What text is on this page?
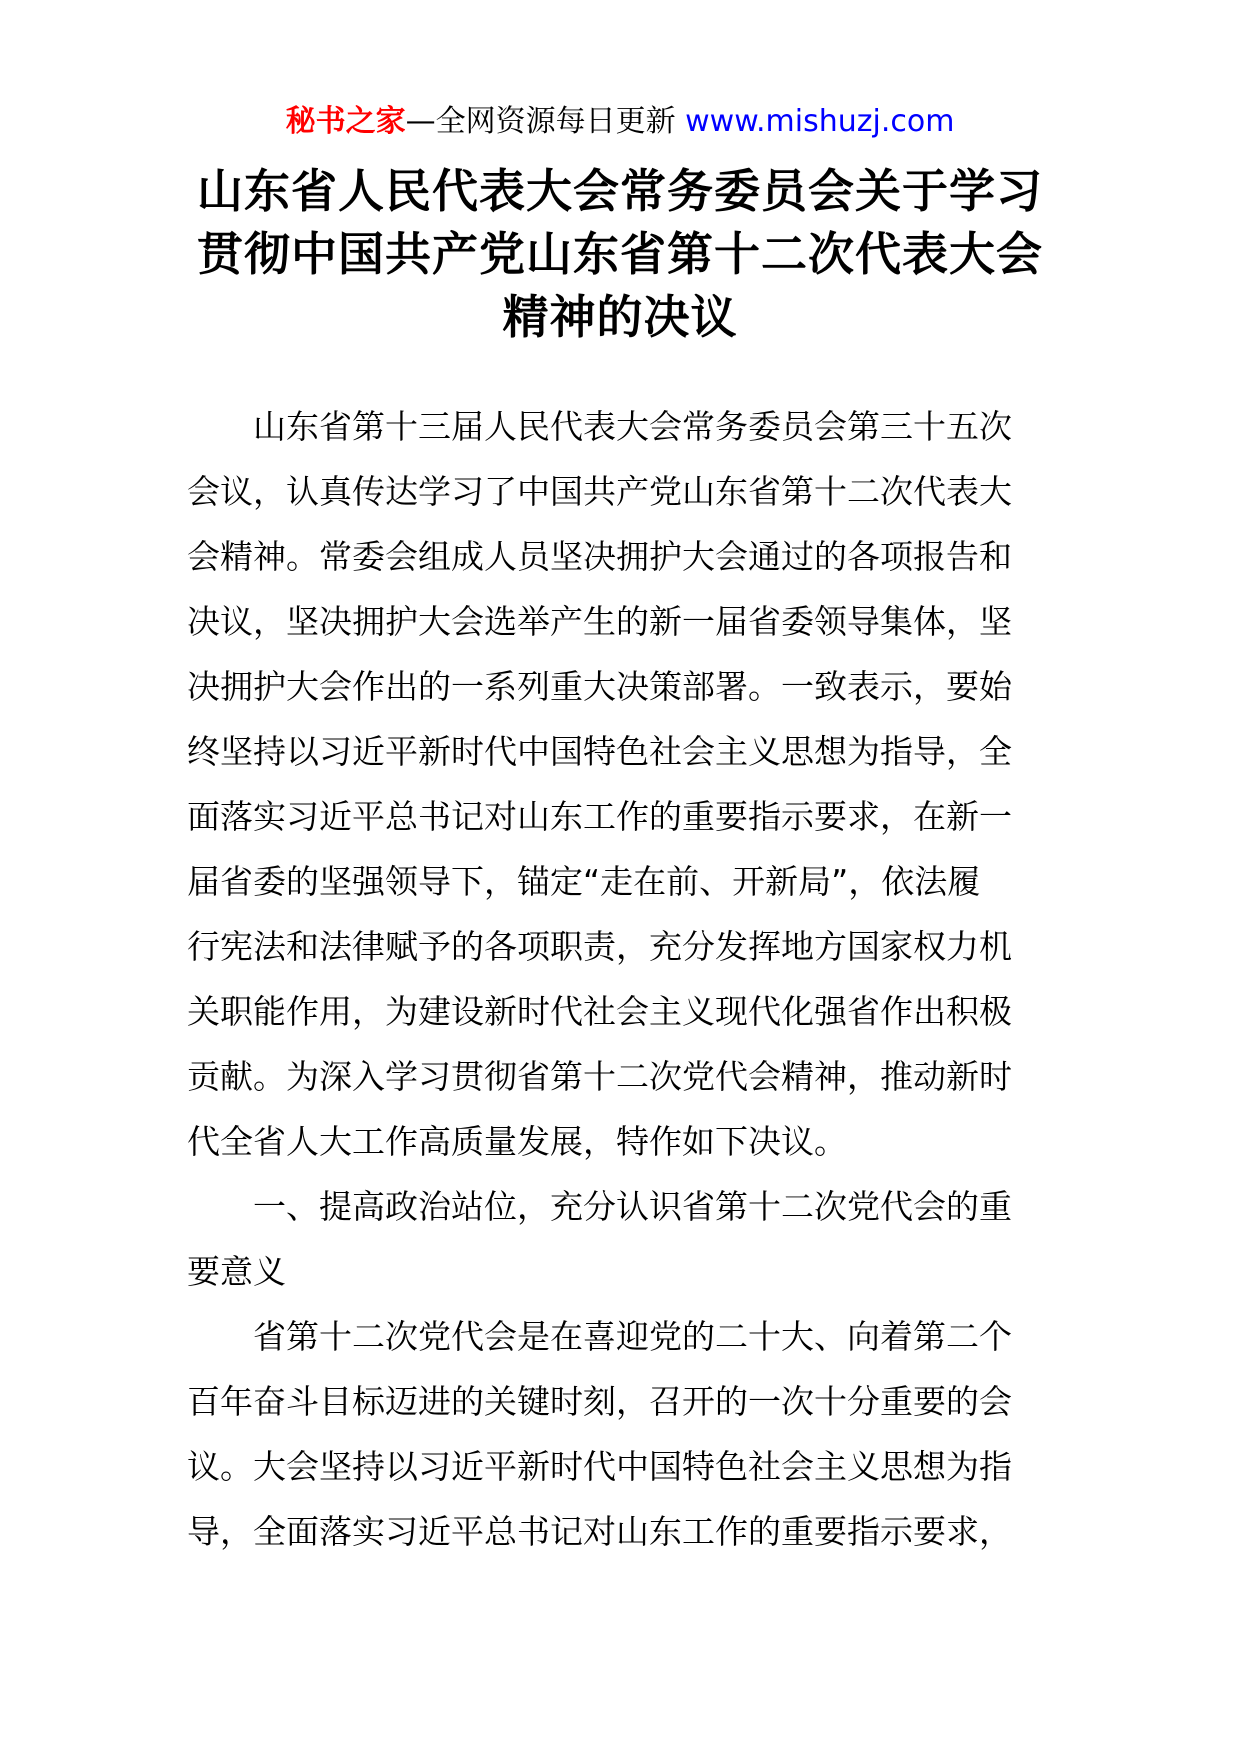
秘书之家—全网资源每日更新 www.mishuzj.com
山东省人民代表大会常务委员会关于学习
贯彻中国共产党山东省第十二次代表大会
精神的决议
山东省第十三届人民代表大会常务委员会第三十五次
会议，认真传达学习了中国共产党山东省第十二次代表大
会精神。常委会组成人员坚决拥护大会通过的各项报告和
决议，坚决拥护大会选举产生的新一届省委领导集体，坚
决拥护大会作出的一系列重大决策部署。一致表示，要始
终坚持以习近平新时代中国特色社会主义思想为指导，全
面落实习近平总书记对山东工作的重要指示要求，在新一
届省委的坚强领导下，锚定“走在前、开新局”，依法履
行宪法和法律赋予的各项职责，充分发挥地方国家权力机
关职能作用，为建设新时代社会主义现代化强省作出积极
贡献。为深入学习贯彻省第十二次党代会精神，推动新时
代全省人大工作高质量发展，特作如下决议。
一、提高政治站位，充分认识省第十二次党代会的重
要意义
省第十二次党代会是在喜迎党的二十大、向着第二个
百年奋斗目标迈进的关键时刻，召开的一次十分重要的会
议。大会坚持以习近平新时代中国特色社会主义思想为指
导，全面落实习近平总书记对山东工作的重要指示要求，
